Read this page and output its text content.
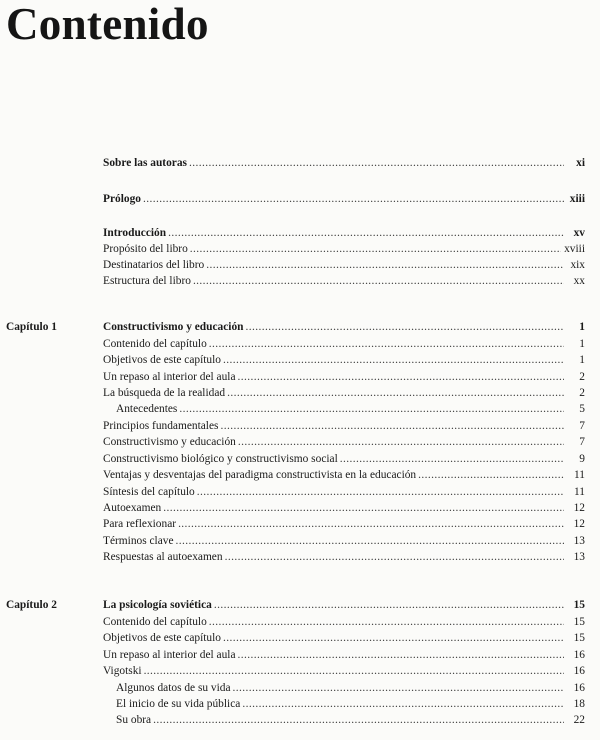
Contenido
Sobre las autoras .....	xi
Prólogo .....	xiii
Introducción .....	xv
Propósito del libro .....	xviii
Destinatarios del libro .....	xix
Estructura del libro .....	xx
Capítulo 1	Constructivismo y educación .....	1
Contenido del capítulo .....	1
Objetivos de este capítulo .....	1
Un repaso al interior del aula .....	2
La búsqueda de la realidad .....	2
Antecedentes .....	5
Principios fundamentales .....	7
Constructivismo y educación .....	7
Constructivismo biológico y constructivismo social .....	9
Ventajas y desventajas del paradigma constructivista en la educación .....	11
Síntesis del capítulo .....	11
Autoexamen .....	12
Para reflexionar .....	12
Términos clave .....	13
Respuestas al autoexamen .....	13
Capítulo 2	La psicología soviética .....	15
Contenido del capítulo .....	15
Objetivos de este capítulo .....	15
Un repaso al interior del aula .....	16
Vigotski .....	16
Algunos datos de su vida .....	16
El inicio de su vida pública .....	18
Su obra .....	22
